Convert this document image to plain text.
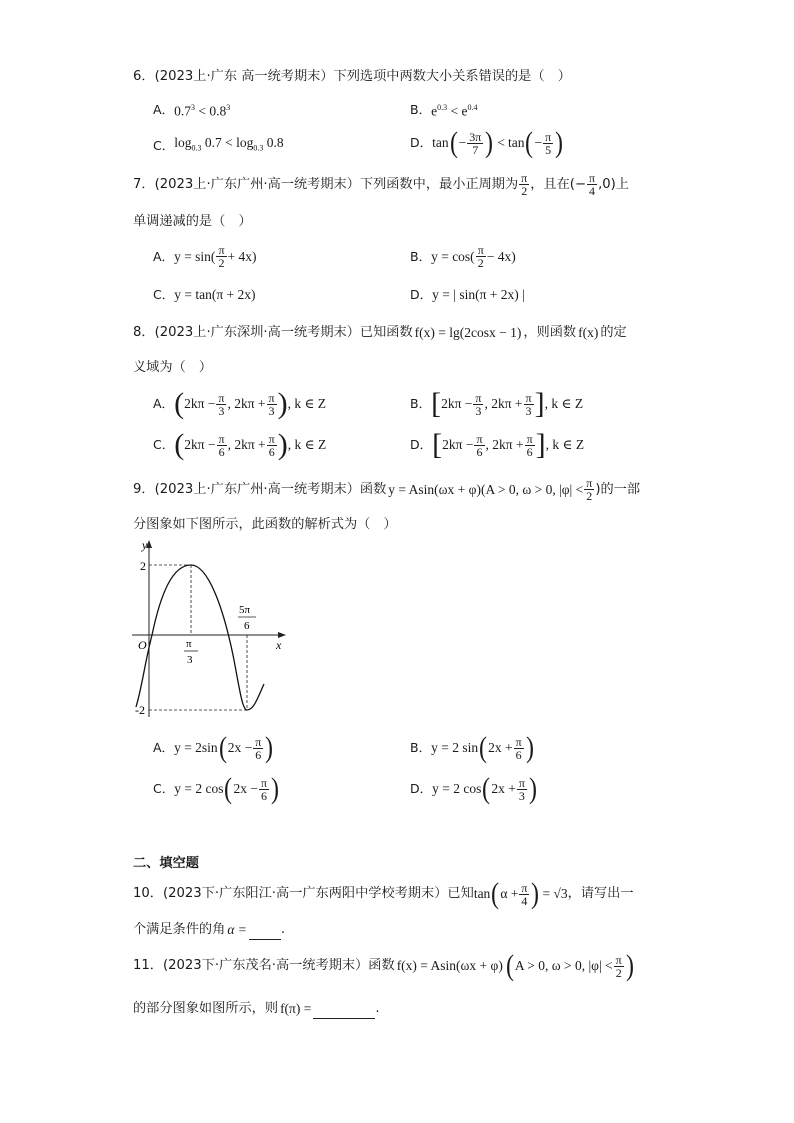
6．(2023上·广东 高一统考期末）下列选项中两数大小关系错误的是（　）
A． $0.7^3 < 0.8^3$	B． $e^{0.3} < e^{0.4}$
C． $\log_{0.3} 0.7 < \log_{0.3} 0.8$	D． tan ( − $\frac{3\pi}{7}$ ) < tan ( − $\frac{\pi}{5}$ )
7．(2023上·广东广州·高一统考期末）下列函数中，最小正周期为 $\frac{\pi}{2}$ ，且在(− $\frac{\pi}{4} ,0$)上
单调递减的是（　）
A． $y = \sin( \frac{\pi}{2} + 4x)$	B． $y = \cos( \frac{\pi}{2} - 4x)$
C． y = tan(π + 2x)	D． y = | sin(π + 2x) |
8．(2023上·广东深圳·高一统考期末）已知函数 f(x) = lg(2cosx − 1) ，则函数 f(x) 的定
义域为（　）
A． ( $2k\pi - \frac{\pi}{3}$ , $2k\pi + \frac{\pi}{3}$ ) , k ∈ Z	B． [ $2k\pi - \frac{\pi}{3}$ , $2k\pi + \frac{\pi}{3}$ ] , k ∈ Z
C． ( $2k\pi - \frac{\pi}{6}$ , $2k\pi + \frac{\pi}{6}$ ) , k ∈ Z	D． [ $2k\pi - \frac{\pi}{6}$ , $2k\pi + \frac{\pi}{6}$ ] , k ∈ Z
9．(2023上·广东广州·高一统考期末）函数 y = Asin(ωx + φ)(A > 0, ω > 0, $|\varphi| < \frac{\pi}{2}$ )的一部
分图象如下图所示，此函数的解析式为（　）
y
x
O
2
-2
π
3
5π
6
A． y = 2sin ( $2x - \frac{\pi}{6}$ )	B． y = 2 sin ( $2x + \frac{\pi}{6}$ )
C． y = 2 cos ( $2x - \frac{\pi}{6}$ )	D． y = 2 cos ( $2x + \frac{\pi}{3}$ )
二、填空题
10．(2023下·广东阳江·高一广东两阳中学校考期末）已知 tan ( $\alpha + \frac{\pi}{4}$ ) = √3 ，请写出一
个满足条件的角 α =	.
11．(2023下·广东茂名·高一统考期末）函数 f(x) = Asin(ωx + φ) ( A > 0, ω > 0, $|\varphi| < \frac{\pi}{2}$ )
的部分图象如图所示，则 f(π) =	.
